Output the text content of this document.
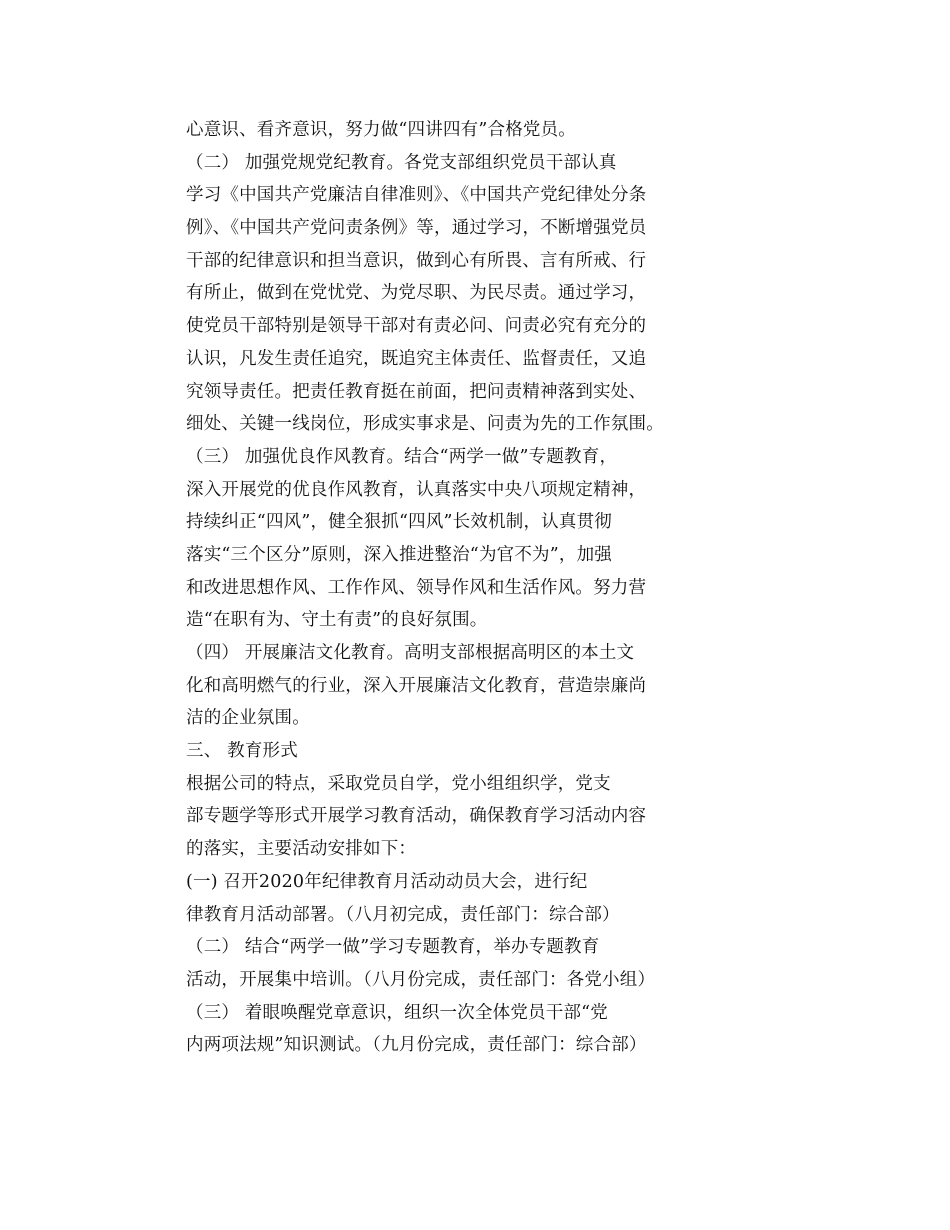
心意识、看齐意识，努力做“四讲四有”合格党员。
（二） 加强党规党纪教育。各党支部组织党员干部认真
学习《中国共产党廉洁自律准则》、《中国共产党纪律处分条
例》、《中国共产党问责条例》等，通过学习，不断增强党员
干部的纪律意识和担当意识，做到心有所畏、言有所戒、行
有所止，做到在党忧党、为党尽职、为民尽责。通过学习，
使党员干部特别是领导干部对有责必问、问责必究有充分的
认识，凡发生责任追究，既追究主体责任、监督责任，又追
究领导责任。把责任教育挺在前面，把问责精神落到实处、
细处、关键一线岗位，形成实事求是、问责为先的工作氛围。
（三） 加强优良作风教育。结合“两学一做”专题教育，
深入开展党的优良作风教育，认真落实中央八项规定精神，
持续纠正“四风”，健全狠抓“四风”长效机制，认真贯彻
落实“三个区分”原则，深入推进整治“为官不为”，加强
和改进思想作风、工作作风、领导作风和生活作风。努力营
造“在职有为、守土有责”的良好氛围。
（四） 开展廉洁文化教育。高明支部根据高明区的本土文
化和高明燃气的行业，深入开展廉洁文化教育，营造崇廉尚
洁的企业氛围。
三、 教育形式
根据公司的特点，采取党员自学，党小组组织学，党支
部专题学等形式开展学习教育活动，确保教育学习活动内容
的落实，主要活动安排如下：
(一) 召开2020年纪律教育月活动动员大会，进行纪
律教育月活动部署。（八月初完成，责任部门：综合部）
（二） 结合“两学一做”学习专题教育，举办专题教育
活动，开展集中培训。（八月份完成，责任部门：各党小组）
（三） 着眼唤醒党章意识，组织一次全体党员干部“党
内两项法规”知识测试。（九月份完成，责任部门：综合部）
